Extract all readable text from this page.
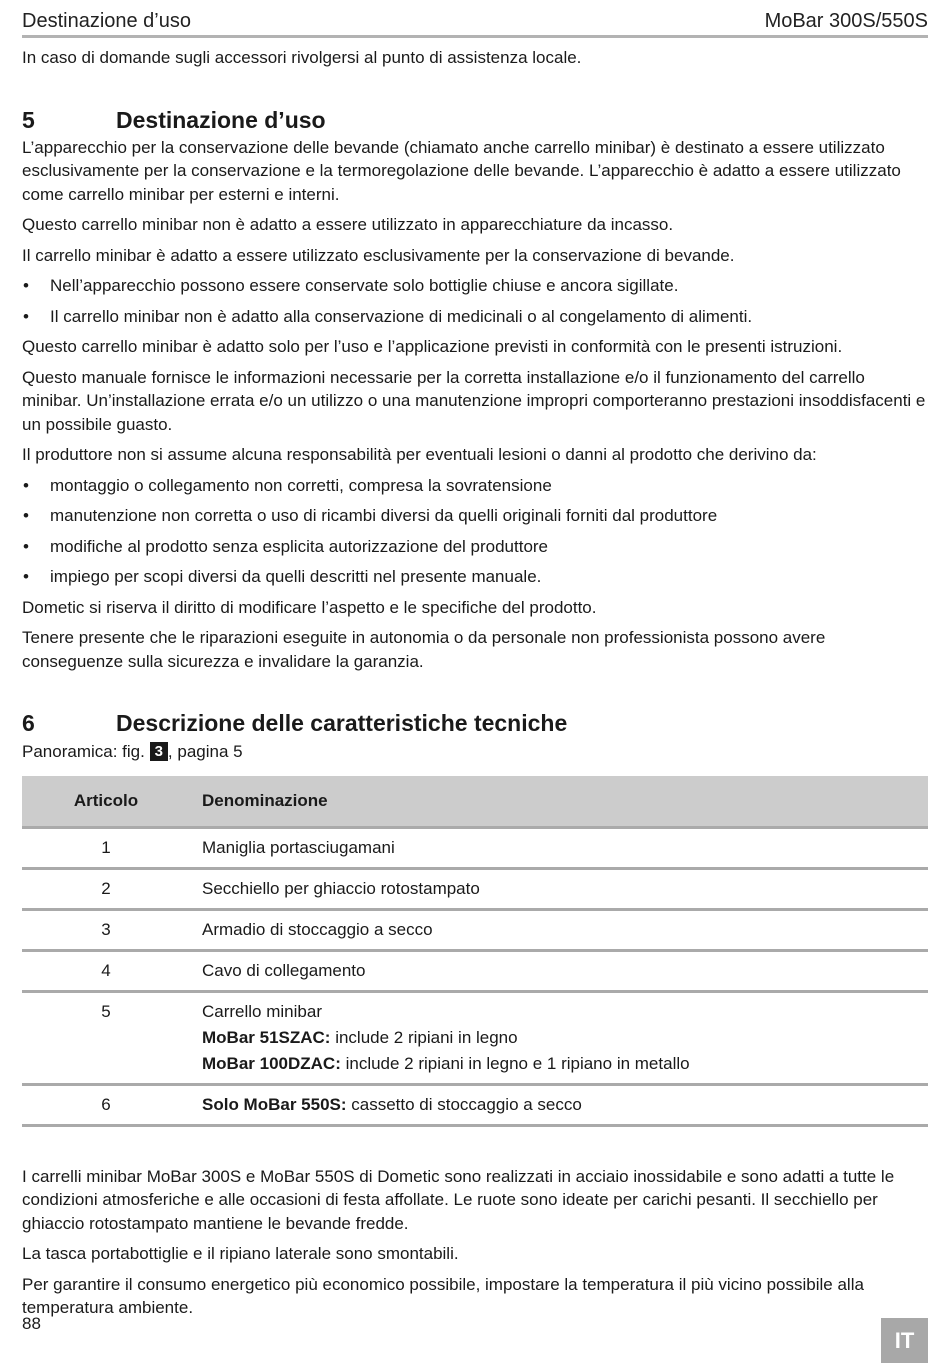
Destinazione d’uso	MoBar 300S/550S

In caso di domande sugli accessori rivolgersi al punto di assistenza locale.

5	Destinazione d’uso

L’apparecchio per la conservazione delle bevande (chiamato anche carrello minibar) è destinato a essere utilizzato esclusivamente per la conservazione e la termoregolazione delle bevande. L’apparecchio è adatto a essere utilizzato come carrello minibar per esterni e interni.

Questo carrello minibar non è adatto a essere utilizzato in apparecchiature da incasso.

Il carrello minibar è adatto a essere utilizzato esclusivamente per la conservazione di bevande.

• Nell’apparecchio possono essere conservate solo bottiglie chiuse e ancora sigillate.
• Il carrello minibar non è adatto alla conservazione di medicinali o al congelamento di alimenti.

Questo carrello minibar è adatto solo per l’uso e l’applicazione previsti in conformità con le presenti istruzioni.

Questo manuale fornisce le informazioni necessarie per la corretta installazione e/o il funzionamento del carrello minibar. Un’installazione errata e/o un utilizzo o una manutenzione impropri comporteranno prestazioni insoddisfacenti e un possibile guasto.

Il produttore non si assume alcuna responsabilità per eventuali lesioni o danni al prodotto che derivino da:

• montaggio o collegamento non corretti, compresa la sovratensione
• manutenzione non corretta o uso di ricambi diversi da quelli originali forniti dal produttore
• modifiche al prodotto senza esplicita autorizzazione del produttore
• impiego per scopi diversi da quelli descritti nel presente manuale.

Dometic si riserva il diritto di modificare l’aspetto e le specifiche del prodotto.

Tenere presente che le riparazioni eseguite in autonomia o da personale non professionista possono avere conseguenze sulla sicurezza e invalidare la garanzia.

6	Descrizione delle caratteristiche tecniche

Panoramica: fig. 3 , pagina 5

Articolo	Denominazione
1	Maniglia portasciugamani
2	Secchiello per ghiaccio rotostampato
3	Armadio di stoccaggio a secco
4	Cavo di collegamento
5	Carrello minibar
MoBar 51SZAC: include 2 ripiani in legno
MoBar 100DZAC: include 2 ripiani in legno e 1 ripiano in metallo

6	Solo MoBar 550S: cassetto di stoccaggio a secco

I carrelli minibar MoBar 300S e MoBar 550S di Dometic sono realizzati in acciaio inossidabile e sono adatti a tutte le condizioni atmosferiche e alle occasioni di festa affollate. Le ruote sono ideate per carichi pesanti. Il secchiello per ghiaccio rotostampato mantiene le bevande fredde.

La tasca portabottiglie e il ripiano laterale sono smontabili.

Per garantire il consumo energetico più economico possibile, impostare la temperatura il più vicino possibile alla temperatura ambiente.

88
IT
